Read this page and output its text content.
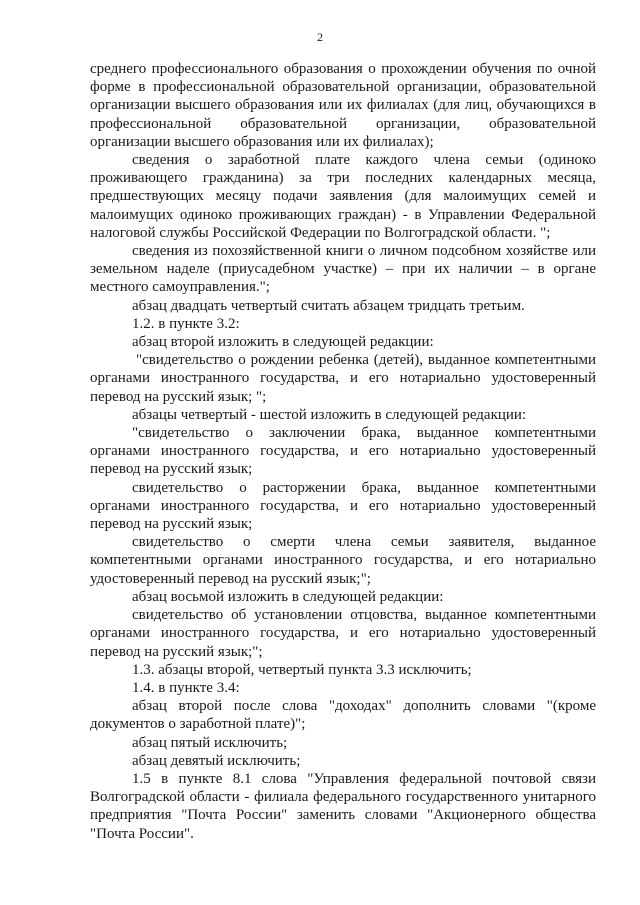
2

среднего профессионального образования о прохождении обучения по очной форме в профессиональной образовательной организации, образовательной организации высшего образования или их филиалах (для лиц, обучающихся в профессиональной образовательной организации, образовательной организации высшего образования или их филиалах);

сведения о заработной плате каждого члена семьи (одиноко проживающего гражданина) за три последних календарных месяца, предшествующих месяцу подачи заявления (для малоимущих семей и малоимущих одиноко проживающих граждан) - в Управлении Федеральной налоговой службы Российской Федерации по Волгоградской области. ";

сведения из похозяйственной книги о личном подсобном хозяйстве или земельном наделе (приусадебном участке) – при их наличии – в органе местного самоуправления.";

абзац двадцать четвертый считать абзацем тридцать третьим.

1.2. в пункте 3.2:

абзац второй изложить в следующей редакции:

"свидетельство о рождении ребенка (детей), выданное компетентными органами иностранного государства, и его нотариально удостоверенный перевод на русский язык; ";

абзацы четвертый - шестой изложить в следующей редакции:

"свидетельство о заключении брака, выданное компетентными органами иностранного государства, и его нотариально удостоверенный перевод на русский язык;

свидетельство о расторжении брака, выданное компетентными органами иностранного государства, и его нотариально удостоверенный перевод на русский язык;

свидетельство о смерти члена семьи заявителя, выданное компетентными органами иностранного государства, и его нотариально удостоверенный перевод на русский язык;";

абзац восьмой изложить в следующей редакции:

свидетельство об установлении отцовства, выданное компетентными органами иностранного государства, и его нотариально удостоверенный перевод на русский язык;";

1.3. абзацы второй, четвертый пункта 3.3 исключить;

1.4. в пункте 3.4:

абзац второй после слова "доходах" дополнить словами "(кроме документов о заработной плате)";

абзац пятый исключить;

абзац девятый исключить;

1.5 в пункте 8.1 слова "Управления федеральной почтовой связи Волгоградской области - филиала федерального государственного унитарного предприятия "Почта России" заменить словами "Акционерного общества "Почта России".
